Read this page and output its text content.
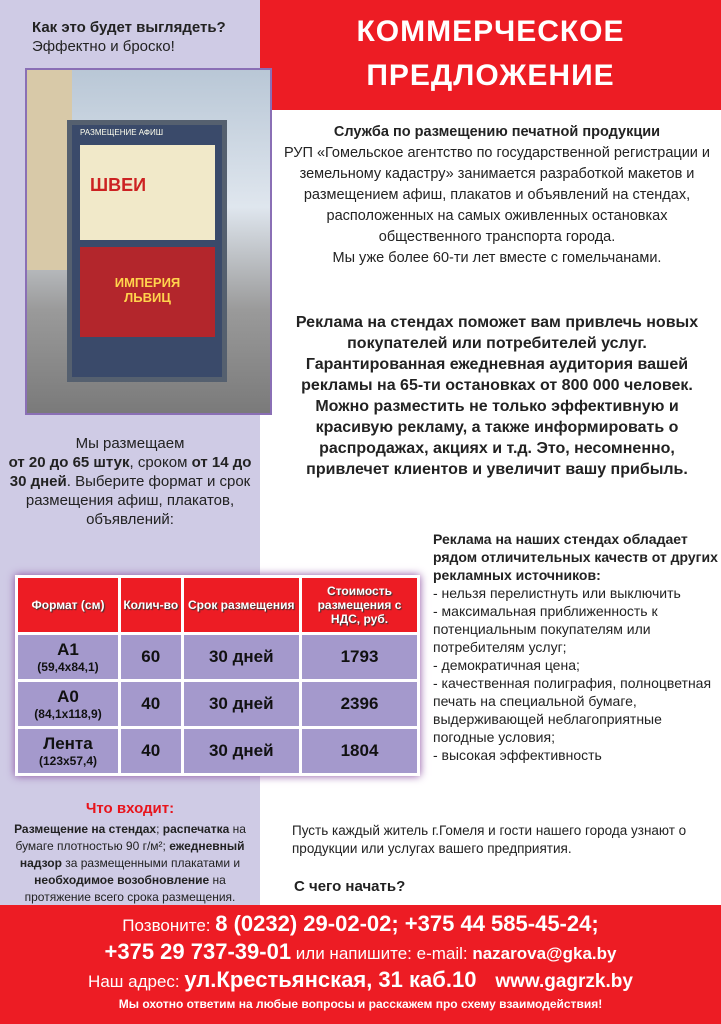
Как это будет выглядеть?
Эффектно и броско!	КОММЕРЧЕСКОЕ
ПРЕДЛОЖЕНИЕ
РАЗМЕЩЕНИЕ АФИШ
ШВЕИ
ИМПЕРИЯ ЛЬВИЦ
Служба по размещению печатной продукции
РУП «Гомельское агентство по государственной регистрации и земельному кадастру» занимается разработкой макетов и размещением афиш, плакатов и объявлений на стендах, расположенных на самых оживленных остановках общественного транспорта города.
Мы уже более 60-ти лет вместе с гомельчанами.
Реклама на стендах поможет вам привлечь новых покупателей или потребителей услуг. Гарантированная ежедневная аудитория вашей рекламы на 65-ти остановках от 800 000 человек. Можно разместить не только эффективную и красивую рекламу, а также информировать о распродажах, акциях и т.д. Это, несомненно, привлечет клиентов и увеличит вашу прибыль.
Мы размещаем
от 20 до 65 штук, сроком от 14 до 30 дней. Выберите формат и срок размещения афиш, плакатов, объявлений:
Формат (см)	Колич-во	Срок размещения	Стоимость размещения с НДС, руб.
А1
(59,4x84,1)	60	30 дней	1793
А0
(84,1x118,9)	40	30 дней	2396
Лента
(123x57,4)	40	30 дней	1804
Реклама на наших стендах обладает рядом отличительных качеств от других рекламных источников:
- нельзя перелистнуть или выключить
- максимальная приближенность к потенциальным покупателям или потребителям услуг;
- демократичная цена;
- качественная полиграфия, полноцветная печать на специальной бумаге, выдерживающей неблагоприятные погодные условия;
- высокая эффективность
Что входит:

Размещение на стендах; распечатка на бумаге плотностью 90 г/м²; ежедневный надзор за размещенными плакатами и необходимое возобновление на протяжение всего срока размещения.

Пусть каждый житель г.Гомеля и гости нашего города узнают о продукции или услугах вашего предприятия.
С чего начать?
Позвоните: 8 (0232) 29-02-02; +375 44 585-45-24;
+375 29 737-39-01 или напишите: e-mail: nazarova@gka.by
Наш адрес: ул.Крестьянская, 31 каб.10 www.gagrzk.by
Мы охотно ответим на любые вопросы и расскажем про схему взаимодействия!
